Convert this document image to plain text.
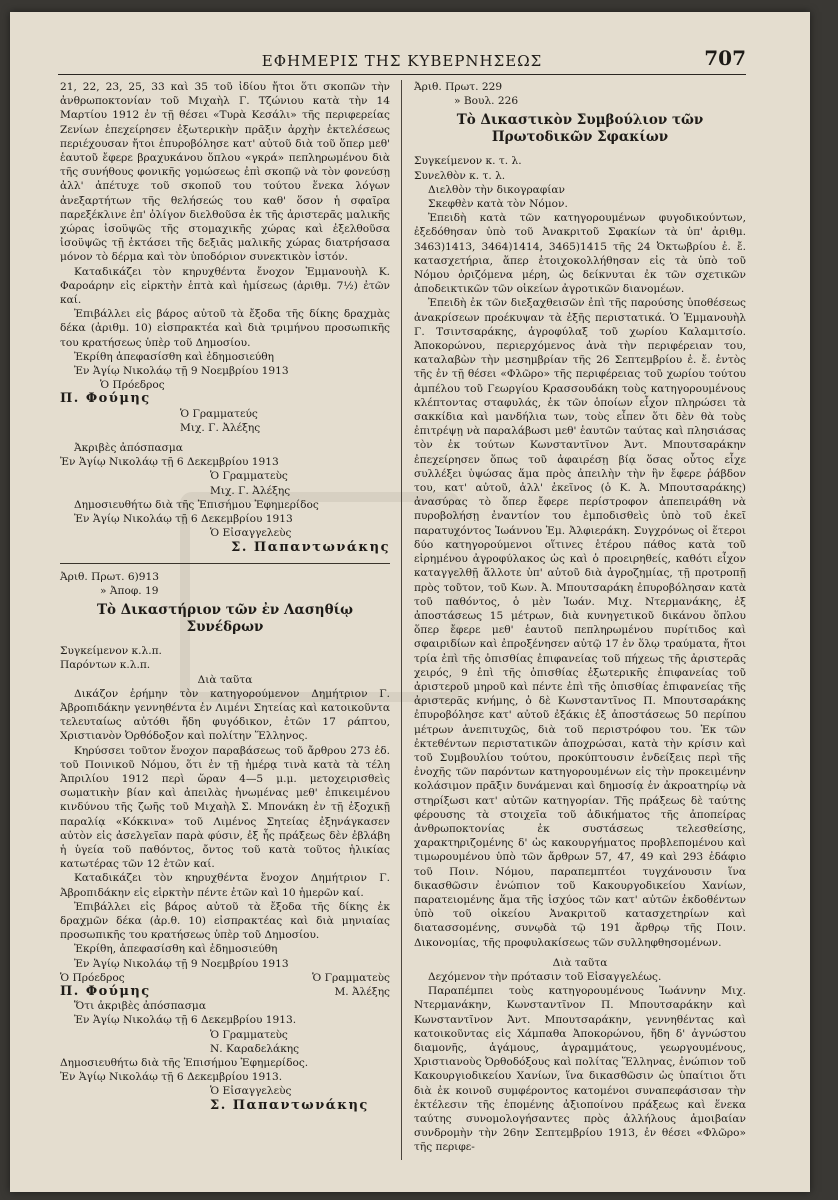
ΕΦΗΜΕΡΙΣ ΤΗΣ ΚΥΒΕΡΝΗΣΕΩΣ	707

21, 22, 23, 25, 33 καὶ 35 τοῦ ἰδίου ἤτοι ὅτι σκοπῶν τὴν ἀνθρωποκτονίαν τοῦ Μιχαὴλ Γ. Τζώνιου κατὰ τὴν 14 Μαρτίου 1912 ἐν τῇ θέσει «Τυρὰ Κεσάλι» τῆς περιφερείας Ζενίων ἐπεχείρησεν ἐξωτερικὴν πρᾶξιν ἀρχὴν ἐκτελέσεως περιέχουσαν ἤτοι ἐπυροβόλησε κατ' αὐτοῦ διὰ τοῦ ὅπερ μεθ' ἑαυτοῦ ἔφερε βραχυκάνου ὅπλου «γκρά» πεπληρωμένου διὰ τῆς συνήθους φονικῆς γομώσεως ἐπὶ σκοπῷ νὰ τὸν φονεύσῃ ἀλλ' ἀπέτυχε τοῦ σκοποῦ του τούτου ἕνεκα λόγων ἀνεξαρτήτων τῆς θελήσεώς του καθ' ὅσον ἡ σφαῖρα παρεξέκλινε ἐπ' ὀλίγον διελθοῦσα ἐκ τῆς ἀριστερᾶς μαλικῆς χώρας ἰσοϋψῶς τῆς στομαχικῆς χώρας καὶ ἐξελθοῦσα ἰσοϋψῶς τῇ ἐκτάσει τῆς δεξιᾶς μαλικῆς χώρας διατρήσασα μόνον τὸ δέρμα καὶ τὸν ὑποδόριον συνεκτικὸν ἱστόν.

Καταδικάζει τὸν κηρυχθέντα ἔνοχον Ἐμμανουὴλ Κ. Φαροάρην εἰς εἱρκτὴν ἑπτὰ καὶ ἡμίσεως (ἀριθμ. 7½) ἐτῶν καί.

Ἐπιβάλλει εἰς βάρος αὐτοῦ τὰ ἔξοδα τῆς δίκης δραχμὰς δέκα (ἀριθμ. 10) εἰσπρακτέα καὶ διὰ τριμήνου προσωπικῆς του κρατήσεως ὑπὲρ τοῦ Δημοσίου.

Ἐκρίθη ἀπεφασίσθη καὶ ἐδημοσιεύθη

Ἐν Ἁγίῳ Νικολάῳ τῇ 9 Νοεμβρίου 1913

Ὁ Πρόεδρος

Π. Φούμης

Ὁ Γραμματεύς

Μιχ. Γ. Ἀλέξης

Ἀκριβὲς ἀπόσπασμα

Ἐν Ἁγίῳ Νικολάῳ τῇ 6 Δεκεμβρίου 1913

Ὁ Γραμματεὺς

Μιχ. Γ. Ἀλέξης

Δημοσιευθήτω διὰ τῆς Ἐπισήμου Ἐφημερίδος

Ἐν Ἁγίῳ Νικολάῳ τῇ 6 Δεκεμβρίου 1913

Ὁ Εἰσαγγελεὺς

Σ. Παπαντωνάκης

Ἀριθ. Πρωτ. 6)913

» Ἀποφ. 19

Τὸ Δικαστήριον τῶν ἐν Λασηθίῳ Συνέδρων

Συγκείμενον κ.λ.π.

Παρόντων κ.λ.π.

Διὰ ταῦτα

Δικάζον ἐρήμην τὸν κατηγορούμενον Δημήτριον Γ. Ἀβροπιδάκην γεννηθέντα ἐν Λιμένι Σητείας καὶ κατοικοῦντα τελευταίως αὐτόθι ἤδη φυγόδικον, ἐτῶν 17 ράπτου, Χριστιανὸν Ὀρθόδοξον καὶ πολίτην Ἕλληνος.

Κηρύσσει τοῦτον ἔνοχον παραβάσεως τοῦ ἄρθρου 273 ἐδ. τοῦ Ποινικοῦ Νόμου, ὅτι ἐν τῇ ἡμέρᾳ τινὰ κατὰ τὰ τέλη Ἀπριλίου 1912 περὶ ὥραν 4—5 μ.μ. μετοχειρισθεὶς σωματικὴν βίαν καὶ ἀπειλὰς ἠνωμένας μεθ' ἐπικειμένου κινδύνου τῆς ζωῆς τοῦ Μιχαὴλ Σ. Μπονάκη ἐν τῇ ἐξοχικῇ παραλίᾳ «Κόκκινα» τοῦ Λιμένος Σητείας ἐξηνάγκασεν αὐτὸν εἰς ἀσελγεῖαν παρὰ φύσιν, ἐξ ἧς πράξεως δὲν ἐβλάβη ἡ ὑγεία τοῦ παθόντος, ὄντος τοῦ κατὰ τοῦτος ἡλικίας κατωτέρας τῶν 12 ἐτῶν καί.

Καταδικάζει τὸν κηρυχθέντα ἔνοχον Δημήτριον Γ. Ἀβροπιδάκην εἰς εἱρκτὴν πέντε ἐτῶν καὶ 10 ἡμερῶν καί.

Ἐπιβάλλει εἰς βάρος αὐτοῦ τὰ ἔξοδα τῆς δίκης ἐκ δραχμῶν δέκα (ἀρ.θ. 10) εἰσπρακτέας καὶ διὰ μηνιαίας προσωπικῆς του κρατήσεως ὑπὲρ τοῦ Δημοσίου.

Ἐκρίθη, ἀπεφασίσθη καὶ ἐδημοσιεύθη

Ἐν Ἁγίῳ Νικολάῳ τῇ 9 Νοεμβρίου 1913

Ὁ Πρόεδρος	Ὁ Γραμματεὺς
Π. Φούμης	Μ. Ἀλέξης

Ὅτι ἀκριβὲς ἀπόσπασμα

Ἐν Ἁγίῳ Νικολάῳ τῇ 6 Δεκεμβρίου 1913.

Ὁ Γραμματεὺς

Ν. Καραδελάκης

Δημοσιευθήτω διὰ τῆς Ἐπισήμου Ἐφημερίδος.

Ἐν Ἁγίῳ Νικολάῳ τῇ 6 Δεκεμβρίου 1913.

Ὁ Εἰσαγγελεὺς

Σ. Παπαντωνάκης

Ἀριθ. Πρωτ. 229

» Βουλ. 226

Τὸ Δικαστικὸν Συμβούλιον τῶν Πρωτοδικῶν Σφακίων

Συγκείμενον κ. τ. λ.

Συνελθὸν κ. τ. λ.

Διελθὸν τὴν δικογραφίαν

Σκεφθὲν κατὰ τὸν Νόμον.

Ἐπειδὴ κατὰ τῶν κατηγορουμένων φυγοδικούντων, ἐξεδόθησαν ὑπὸ τοῦ Ἀνακριτοῦ Σφακίων τὰ ὑπ' ἀριθμ. 3463)1413, 3464)1414, 3465)1415 τῆς 24 Ὀκτωβρίου ἐ. ἔ. κατασχετήρια, ἅπερ ἐτοιχοκολλήθησαν εἰς τὰ ὑπὸ τοῦ Νόμου ὁριζόμενα μέρη, ὡς δείκνυται ἐκ τῶν σχετικῶν ἀποδεικτικῶν τῶν οἰκείων ἀγροτικῶν διανομέων.

Ἐπειδὴ ἐκ τῶν διεξαχθεισῶν ἐπὶ τῆς παρούσης ὑποθέσεως ἀνακρίσεων προέκυψαν τὰ ἑξῆς περιστατικά. Ὁ Ἐμμανουὴλ Γ. Τσιντσαράκης, ἀγροφύλαξ τοῦ χωρίου Καλαμιτσίο. Ἀποκορώνου, περιερχόμενος ἀνὰ τὴν περιφέρειαν του, καταλαβὼν τὴν μεσημβρίαν τῆς 26 Σεπτεμβρίου ἐ. ἔ. ἐντὸς τῆς ἐν τῇ θέσει «Φλῶρο» τῆς περιφέρειας τοῦ χωρίου τούτου ἀμπέλου τοῦ Γεωργίου Κρασσουδάκη τοὺς κατηγορουμένους κλέπτοντας σταφυλάς, ἐκ τῶν ὁποίων εἶχον πληρώσει τὰ σακκίδια καὶ μανδήλια των, τοὺς εἶπεν ὅτι δὲν θὰ τοὺς ἐπιτρέψῃ νὰ παραλάβωσι μεθ' ἑαυτῶν ταύτας καὶ πλησιάσας τὸν ἐκ τούτων Κωνσταντῖνον Ἀντ. Μπουτσαράκην ἐπεχείρησεν ὅπως τοῦ ἀφαιρέσῃ βίᾳ ὅσας οὗτος εἶχε συλλέξει ὑψώσας ἅμα πρὸς ἀπειλὴν τὴν ἣν ἔφερε ῥάβδον του, κατ' αὐτοῦ, ἀλλ' ἐκεῖνος (ὁ Κ. Ἀ. Μπουτσαράκης) ἀνασύρας τὸ ὅπερ ἔφερε περίστροφον ἀπεπειράθη νὰ πυροβολήσῃ ἐναντίον του ἐμποδισθεὶς ὑπὸ τοῦ ἐκεῖ παρατυχόντος Ἰωάννου Ἐμ. Ἀλφιεράκη. Συγχρόνως οἱ ἕτεροι δύο κατηγορούμενοι οἵτινες ἑτέρου πάθος κατὰ τοῦ εἰρημένου ἀγροφύλακος ὡς καὶ ὁ προειρηθείς, καθότι εἶχον καταγγελθῇ ἄλλοτε ὑπ' αὐτοῦ διὰ ἀγροζημίας, τῇ προτροπῇ πρὸς τοῦτον, τοῦ Κων. Ἀ. Μπουτσαράκη ἐπυροβόλησαν κατὰ τοῦ παθόντος, ὁ μὲν Ἰωάν. Μιχ. Ντερμανάκης, ἐξ ἀποστάσεως 15 μέτρων, διὰ κυνηγετικοῦ δικάνου ὅπλου ὅπερ ἔφερε μεθ' ἑαυτοῦ πεπληρωμένου πυρίτιδος καὶ σφαιριδίων καὶ ἐπροξένησεν αὐτῷ 17 ἐν ὅλῳ τραύματα, ἤτοι τρία ἐπὶ τῆς ὀπισθίας ἐπιφανείας τοῦ πήχεως τῆς ἀριστερᾶς χειρός, 9 ἐπὶ τῆς ὀπισθίας ἐξωτερικῆς ἐπιφανείας τοῦ ἀριστεροῦ μηροῦ καὶ πέντε ἐπὶ τῆς ὀπισθίας ἐπιφανείας τῆς ἀριστερᾶς κνήμης, ὁ δὲ Κωνσταντῖνος Π. Μπουτσαράκης ἐπυροβόλησε κατ' αὐτοῦ ἐξάκις ἐξ ἀποστάσεως 50 περίπου μέτρων ἀνεπιτυχῶς, διὰ τοῦ περιστρόφου του. Ἐκ τῶν ἐκτεθέντων περιστατικῶν ἀποχρώσαι, κατὰ τὴν κρίσιν καὶ τοῦ Συμβουλίου τούτου, προκύπτουσιν ἐνδείξεις περὶ τῆς ἐνοχῆς τῶν παρόντων κατηγορουμένων εἰς τὴν προκειμένην κολάσιμον πρᾶξιν δυνάμεναι καὶ δημοσίᾳ ἐν ἀκροατηρίῳ νὰ στηρίξωσι κατ' αὐτῶν κατηγορίαν. Τῆς πράξεως δὲ ταύτης φέρουσης τὰ στοιχεῖα τοῦ ἀδικήματος τῆς ἀποπείρας ἀνθρωποκτονίας ἐκ συστάσεως τελεσθείσης, χαρακτηριζομένης δ' ὡς κακουργήματος προβλεπομένου καὶ τιμωρουμένου ὑπὸ τῶν ἄρθρων 57, 47, 49 καὶ 293 ἐδάφιο τοῦ Ποιν. Νόμου, παραπεμπτέοι τυγχάνουσιν ἵνα δικασθῶσιν ἐνώπιον τοῦ Κακουργοδικείου Χανίων, παρατειομένης ἅμα τῆς ἰσχύος τῶν κατ' αὐτῶν ἐκδοθέντων ὑπὸ τοῦ οἰκείου Ἀνακριτοῦ κατασχετηρίων καὶ διατασσομένης, συνῳδὰ τῷ 191 ἄρθρῳ τῆς Ποιν. Δικονομίας, τῆς προφυλακίσεως τῶν συλληφθησομένων.

Διὰ ταῦτα

Δεχόμενον τὴν πρότασιν τοῦ Εἰσαγγελέως.

Παραπέμπει τοὺς κατηγορουμένους Ἰωάννην Μιχ. Ντερμανάκην, Κωνσταντῖνον Π. Μπουτσαράκην καὶ Κωνσταντῖνον Ἀντ. Μπουτσαράκην, γεννηθέντας καὶ κατοικοῦντας εἰς Χάμπαθα Ἀποκορώνου, ἤδη δ' ἀγνώστου διαμονῆς, ἀγάμους, ἀγραμμάτους, γεωργουμένους, Χριστιανοὺς Ὀρθοδόξους καὶ πολίτας Ἕλληνας, ἐνώπιον τοῦ Κακουργιοδικείου Χανίων, ἵνα δικασθῶσιν ὡς ὑπαίτιοι ὅτι διὰ ἐκ κοινοῦ συμφέροντος κατομένοι συναπεφάσισαν τὴν ἐκτέλεσιν τῆς ἑπομένης ἀξιοποίνου πράξεως καὶ ἕνεκα ταύτης συνομολογήσαντες πρὸς ἀλλήλους ἀμοιβαίαν συνδρομὴν τὴν 26ην Σεπτεμβρίου 1913, ἐν θέσει «Φλῶρο» τῆς περιφε-
